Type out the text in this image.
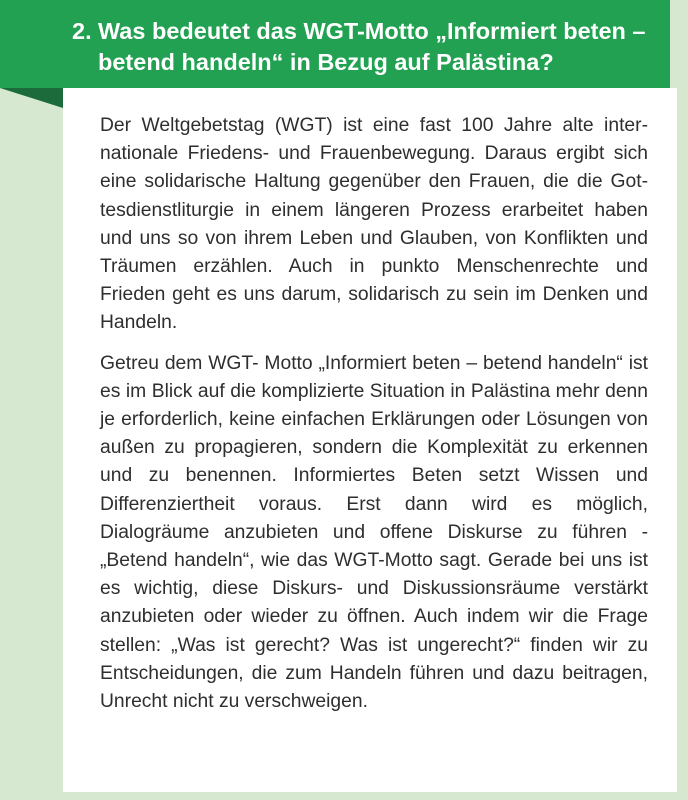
2. Was bedeutet das WGT-Motto „Informiert beten – betend handeln“ in Bezug auf Palästina?

Der Weltgebetstag (WGT) ist eine fast 100 Jahre alte internationale Friedens- und Frauenbewegung. Daraus ergibt sich eine solidarische Haltung gegenüber den Frauen, die die Gottesdienstliturgie in einem längeren Prozess erarbeitet haben und uns so von ihrem Leben und Glauben, von Konflikten und Träumen erzählen. Auch in punkto Menschenrechte und Frieden geht es uns darum, solidarisch zu sein im Denken und Handeln.

Getreu dem WGT- Motto „Informiert beten – betend handeln“ ist es im Blick auf die komplizierte Situation in Palästina mehr denn je erforderlich, keine einfachen Erklärungen oder Lösungen von außen zu propagieren, sondern die Komplexität zu erkennen und zu benennen. Informiertes Beten setzt Wissen und Differenziertheit voraus. Erst dann wird es möglich, Dialogräume anzubieten und offene Diskurse zu führen - „Betend handeln“, wie das WGT-Motto sagt. Gerade bei uns ist es wichtig, diese Diskurs- und Diskussionsräume verstärkt anzubieten oder wieder zu öffnen. Auch indem wir die Frage stellen: „Was ist gerecht? Was ist ungerecht?“ finden wir zu Entscheidungen, die zum Handeln führen und dazu beitragen, Unrecht nicht zu verschweigen.
